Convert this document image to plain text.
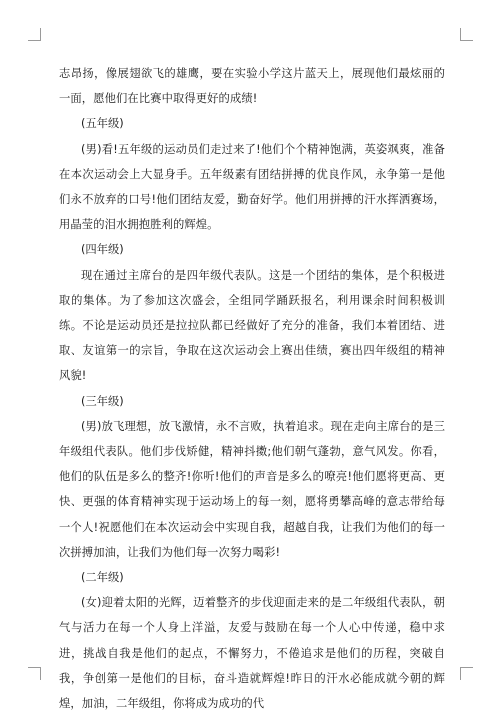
志昂扬，像展翅欲飞的雄鹰，要在实验小学这片蓝天上，展现他们最炫丽的一面，愿他们在比赛中取得更好的成绩!

(五年级)

(男)看!五年级的运动员们走过来了!他们个个精神饱满，英姿飒爽，准备在本次运动会上大显身手。五年级素有团结拼搏的优良作风，永争第一是他们永不放弃的口号!他们团结友爱，勤奋好学。他们用拼搏的汗水挥洒赛场，用晶莹的泪水拥抱胜利的辉煌。

(四年级)

现在通过主席台的是四年级代表队。这是一个团结的集体，是个积极进取的集体。为了参加这次盛会，全组同学踊跃报名，利用课余时间积极训练。不论是运动员还是拉拉队都已经做好了充分的准备，我们本着团结、进取、友谊第一的宗旨，争取在这次运动会上赛出佳绩，赛出四年级组的精神风貌!

(三年级)

(男)放飞理想，放飞激情，永不言败，执着追求。现在走向主席台的是三年级组代表队。他们步伐矫健，精神抖擞;他们朝气蓬勃，意气风发。你看，他们的队伍是多么的整齐!你听!他们的声音是多么的嘹亮!他们愿将更高、更快、更强的体育精神实现于运动场上的每一刻，愿将勇攀高峰的意志带给每一个人!祝愿他们在本次运动会中实现自我，超越自我，让我们为他们的每一次拼搏加油，让我们为他们每一次努力喝彩!

(二年级)

(女)迎着太阳的光辉，迈着整齐的步伐迎面走来的是二年级组代表队，朝气与活力在每一个人身上洋溢，友爱与鼓励在每一个人心中传递，稳中求进，挑战自我是他们的起点，不懈努力，不倦追求是他们的历程，突破自我，争创第一是他们的目标，奋斗造就辉煌!昨日的汗水必能成就今朝的辉煌，加油，二年级组，你将成为成功的代
